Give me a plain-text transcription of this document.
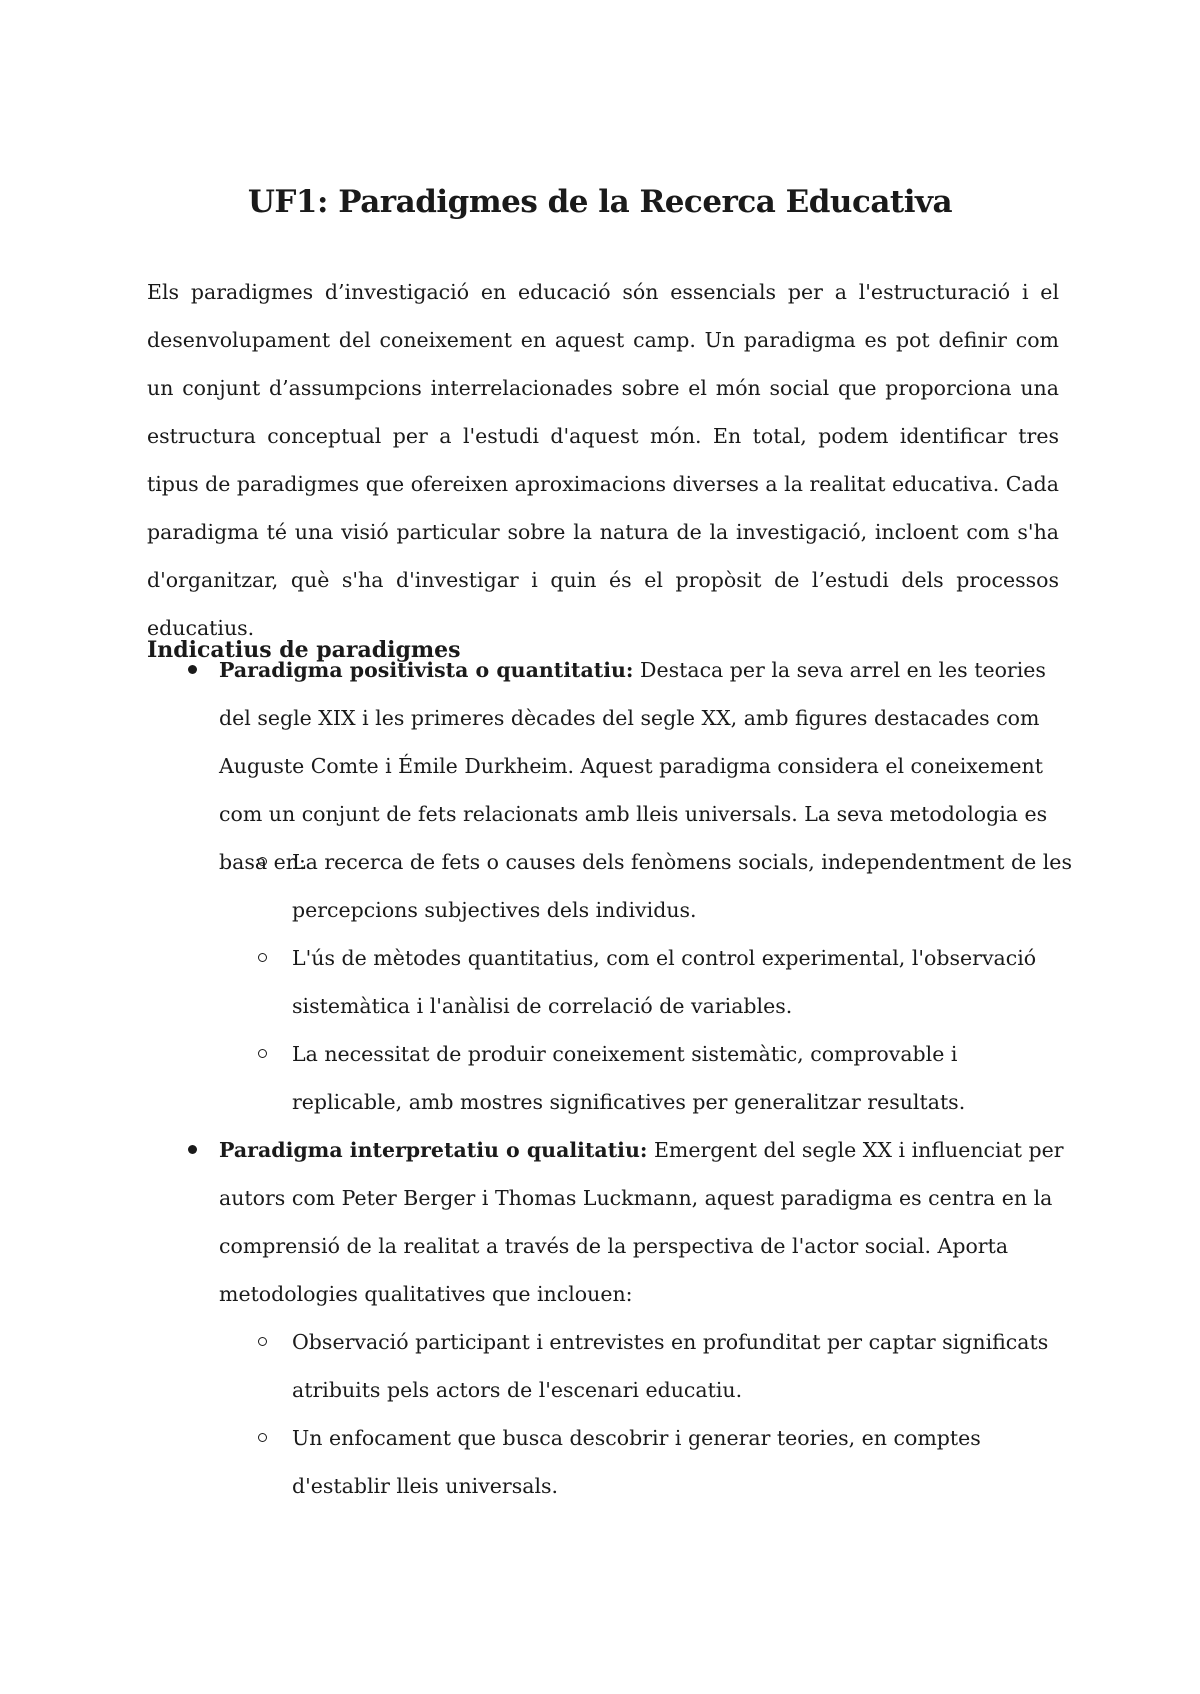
UF1: Paradigmes de la Recerca Educativa

Els paradigmes d’investigació en educació són essencials per a l'estructuració i el desenvolupament del coneixement en aquest camp. Un paradigma es pot definir com un conjunt d’assumpcions interrelacionades sobre el món social que proporciona una estructura conceptual per a l'estudi d'aquest món. En total, podem identificar tres tipus de paradigmes que ofereixen aproximacions diverses a la realitat educativa. Cada paradigma té una visió particular sobre la natura de la investigació, incloent com s'ha d'organitzar, què s'ha d'investigar i quin és el propòsit de l’estudi dels processos educatius.

Indicatius de paradigmes

Paradigma positivista o quantitatiu: Destaca per la seva arrel en les teories del segle XIX i les primeres dècades del segle XX, amb figures destacades com Auguste Comte i Émile Durkheim. Aquest paradigma considera el coneixement com un conjunt de fets relacionats amb lleis universals. La seva metodologia es basa en:

La recerca de fets o causes dels fenòmens socials, independentment de les percepcions subjectives dels individus.

L'ús de mètodes quantitatius, com el control experimental, l'observació sistemàtica i l'anàlisi de correlació de variables.

La necessitat de produir coneixement sistemàtic, comprovable i replicable, amb mostres significatives per generalitzar resultats.

Paradigma interpretatiu o qualitatiu: Emergent del segle XX i influenciat per autors com Peter Berger i Thomas Luckmann, aquest paradigma es centra en la comprensió de la realitat a través de la perspectiva de l'actor social. Aporta metodologies qualitatives que inclouen:

Observació participant i entrevistes en profunditat per captar significats atribuits pels actors de l'escenari educatiu.

Un enfocament que busca descobrir i generar teories, en comptes d'establir lleis universals.
